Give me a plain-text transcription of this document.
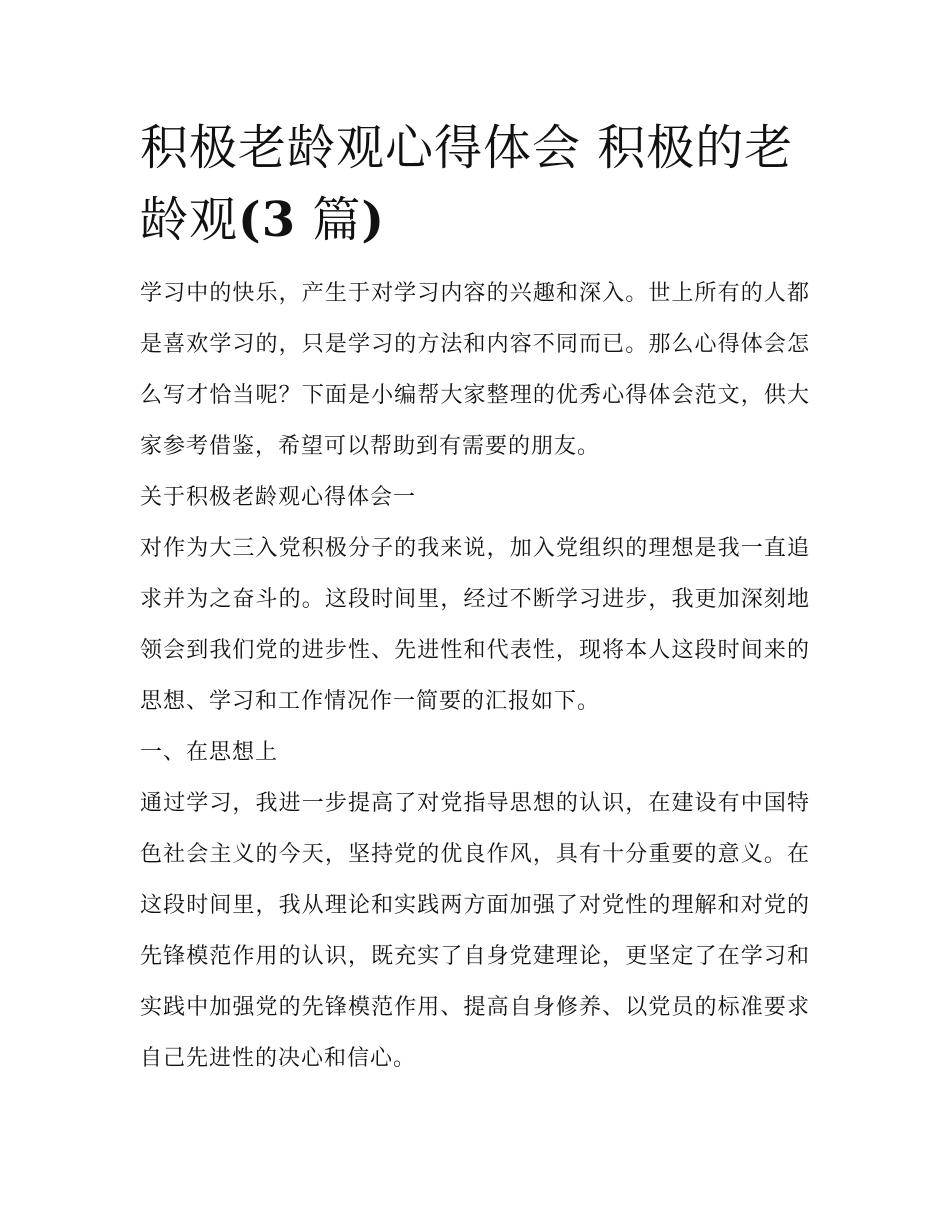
积极老龄观心得体会 积极的老
龄观(3 篇)

学习中的快乐，产生于对学习内容的兴趣和深入。世上所有的人都是喜欢学习的，只是学习的方法和内容不同而已。那么心得体会怎么写才恰当呢？下面是小编帮大家整理的优秀心得体会范文，供大家参考借鉴，希望可以帮助到有需要的朋友。

关于积极老龄观心得体会一

对作为大三入党积极分子的我来说，加入党组织的理想是我一直追求并为之奋斗的。这段时间里，经过不断学习进步，我更加深刻地领会到我们党的进步性、先进性和代表性，现将本人这段时间来的思想、学习和工作情况作一简要的汇报如下。

一、在思想上

通过学习，我进一步提高了对党指导思想的认识，在建设有中国特色社会主义的今天，坚持党的优良作风，具有十分重要的意义。在这段时间里，我从理论和实践两方面加强了对党性的理解和对党的先锋模范作用的认识，既充实了自身党建理论，更坚定了在学习和实践中加强党的先锋模范作用、提高自身修养、以党员的标准要求自己先进性的决心和信心。
